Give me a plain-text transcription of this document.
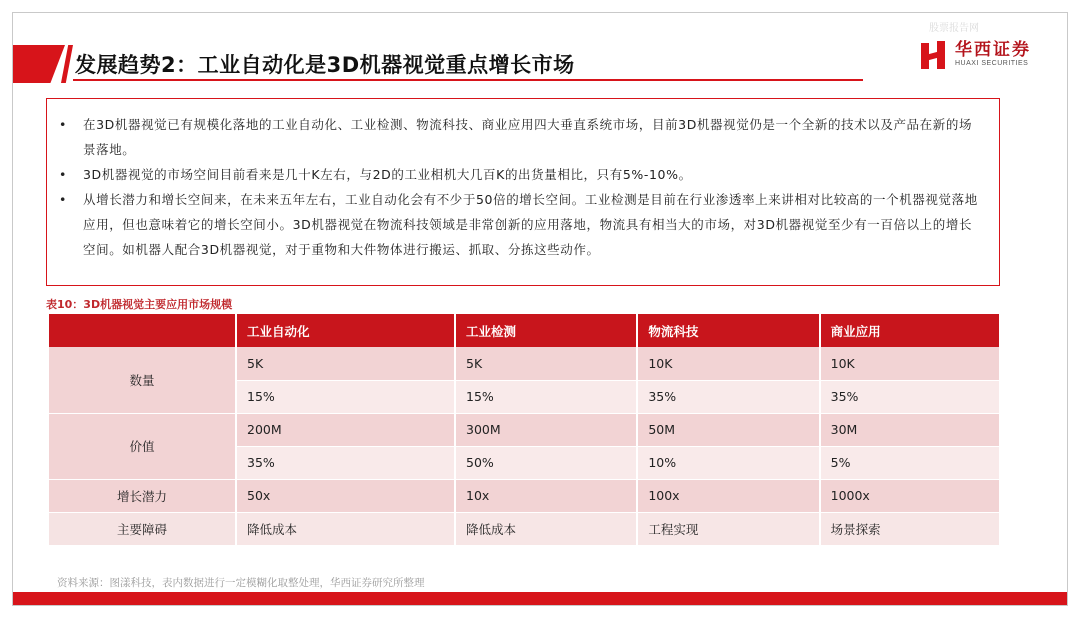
股票报告网
发展趋势2：工业自动化是3D机器视觉重点增长市场
华西证券
HUAXI SECURITIES
•	在3D机器视觉已有规模化落地的工业自动化、工业检测、物流科技、商业应用四大垂直系统市场，目前3D机器视觉仍是一个全新的技术以及产品在新的场景落地。
•	3D机器视觉的市场空间目前看来是几十K左右，与2D的工业相机大几百K的出货量相比，只有5%-10%。
•	从增长潜力和增长空间来，在未来五年左右，工业自动化会有不少于50倍的增长空间。工业检测是目前在行业渗透率上来讲相对比较高的一个机器视觉落地应用，但也意味着它的增长空间小。3D机器视觉在物流科技领域是非常创新的应用落地，物流具有相当大的市场，对3D机器视觉至少有一百倍以上的增长空间。如机器人配合3D机器视觉，对于重物和大件物体进行搬运、抓取、分拣这些动作。
表10：3D机器视觉主要应用市场规模
	工业自动化	工业检测	物流科技	商业应用
数量	5K	5K	10K	10K
	15%	15%	35%	35%
价值	200M	300M	50M	30M
	35%	50%	10%	5%
增长潜力	50x	10x	100x	1000x
主要障碍	降低成本	降低成本	工程实现	场景探索
资料来源：图漾科技，表内数据进行一定模糊化取整处理，华西证券研究所整理
